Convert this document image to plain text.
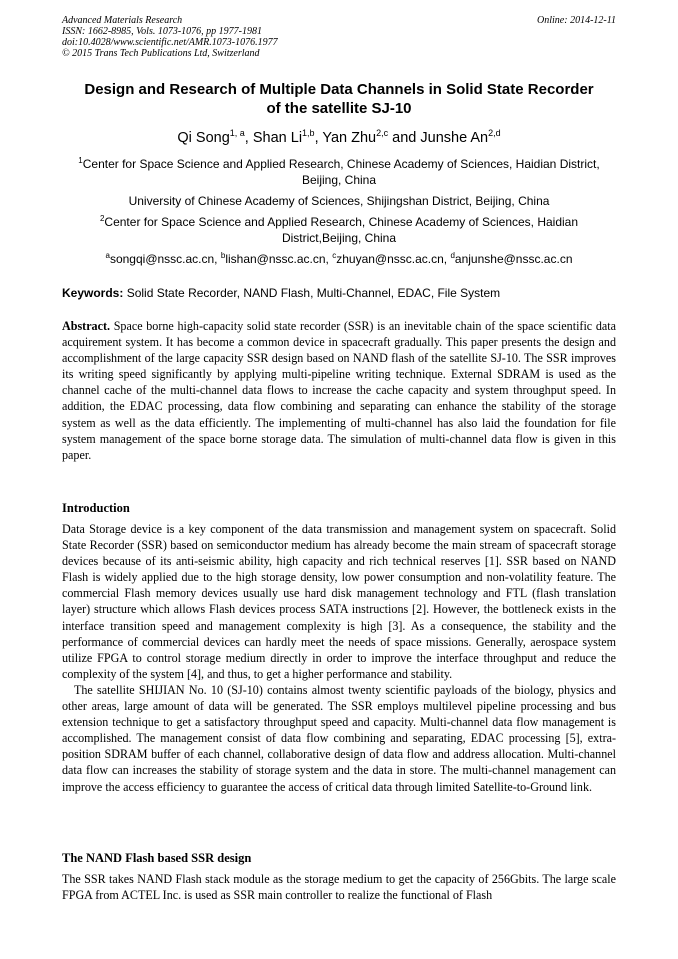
Advanced Materials Research
ISSN: 1662-8985, Vols. 1073-1076, pp 1977-1981
doi:10.4028/www.scientific.net/AMR.1073-1076.1977
© 2015 Trans Tech Publications Ltd, Switzerland
Online: 2014-12-11
Design and Research of Multiple Data Channels in Solid State Recorder
of the satellite SJ-10
Qi Song$^{1, a}$, Shan Li$^{1,b}$, Yan Zhu$^{2,c}$ and Junshe An$^{2,d}$
$^1$Center for Space Science and Applied Research, Chinese Academy of Sciences, Haidian District,
Beijing, China
University of Chinese Academy of Sciences, Shijingshan District, Beijing, China
$^2$Center for Space Science and Applied Research, Chinese Academy of Sciences, Haidian
District,Beijing, China
$^a$songqi@nssc.ac.cn, $^b$lishan@nssc.ac.cn, $^c$zhuyan@nssc.ac.cn, $^d$anjunshe@nssc.ac.cn
Keywords: Solid State Recorder, NAND Flash, Multi-Channel, EDAC, File System

Abstract. Space borne high-capacity solid state recorder (SSR) is an inevitable chain of the space scientific data acquirement system. It has become a common device in spacecraft gradually. This paper presents the design and accomplishment of the large capacity SSR design based on NAND flash of the satellite SJ-10. The SSR improves its writing speed significantly by applying multi-pipeline writing technique. External SDRAM is used as the channel cache of the multi-channel data flows to increase the cache capacity and system throughput speed. In addition, the EDAC processing, data flow combining and separating can enhance the stability of the storage system as well as the data efficiently. The implementing of multi-channel has also laid the foundation for file system management of the space borne storage data. The simulation of multi-channel data flow is given in this paper.

Introduction

Data Storage device is a key component of the data transmission and management system on spacecraft. Solid State Recorder (SSR) based on semiconductor medium has already become the main stream of spacecraft storage devices because of its anti-seismic ability, high capacity and rich technical reserves [1]. SSR based on NAND Flash is widely applied due to the high storage density, low power consumption and non-volatility feature. The commercial Flash memory devices usually use hard disk management technology and FTL (flash translation layer) structure which allows Flash devices process SATA instructions [2]. However, the bottleneck exists in the interface transition speed and management complexity is high [3]. As a consequence, the stability and the performance of commercial devices can hardly meet the needs of space missions. Generally, aerospace system utilize FPGA to control storage medium directly in order to improve the interface throughput and reduce the complexity of the system [4], and thus, to get a higher performance and stability.

The satellite SHIJIAN No. 10 (SJ-10) contains almost twenty scientific payloads of the biology, physics and other areas, large amount of data will be generated. The SSR employs multilevel pipeline processing and bus extension technique to get a satisfactory throughput speed and capacity. Multi-channel data flow management is accomplished. The management consist of data flow combining and separating, EDAC processing [5], extra-position SDRAM buffer of each channel, collaborative design of data flow and address allocation. Multi-channel data flow can increases the stability of storage system and the data in store. The multi-channel management can improve the access efficiency to guarantee the access of critical data through limited Satellite-to-Ground link.

The NAND Flash based SSR design

The SSR takes NAND Flash stack module as the storage medium to get the capacity of 256Gbits. The large scale FPGA from ACTEL Inc. is used as SSR main controller to realize the functional of Flash
